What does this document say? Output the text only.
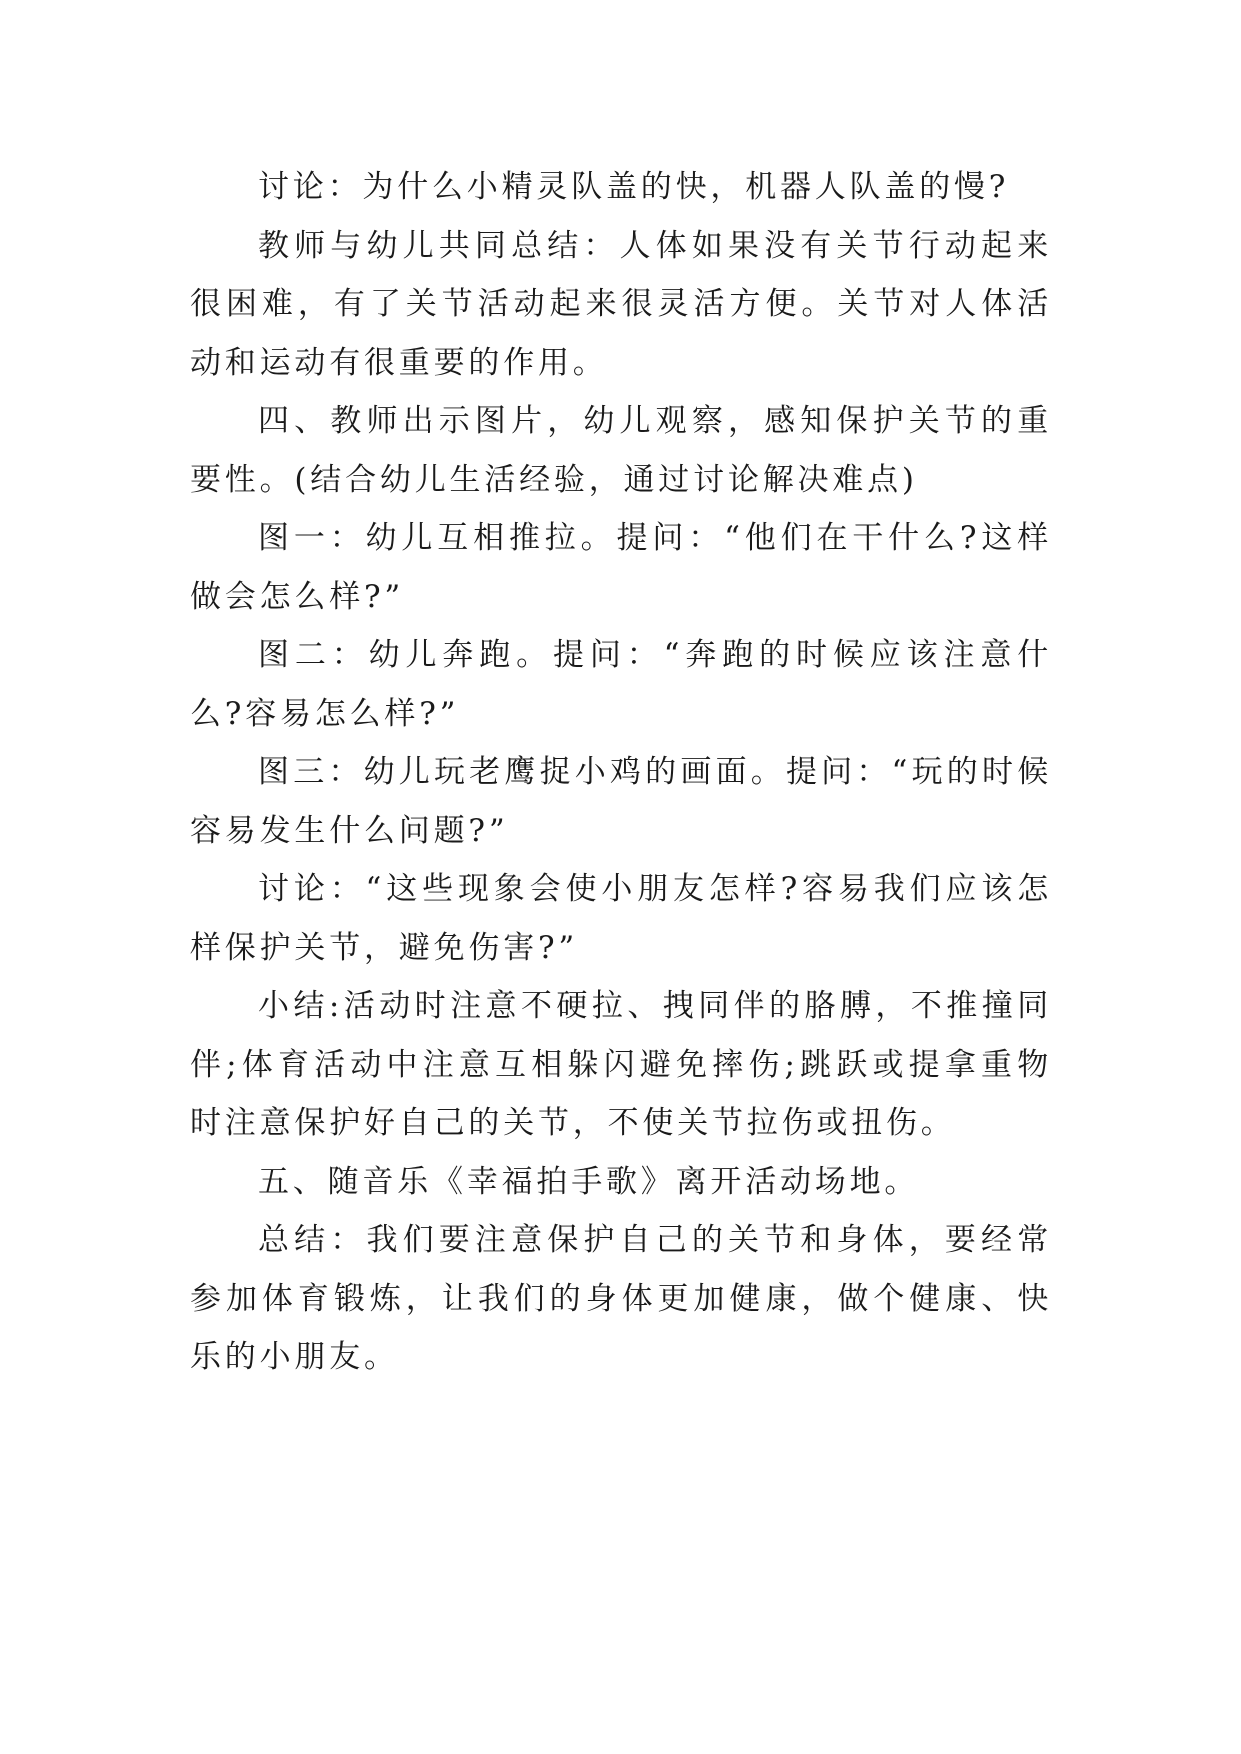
讨论：为什么小精灵队盖的快，机器人队盖的慢?

教师与幼儿共同总结：人体如果没有关节行动起来很困难，有了关节活动起来很灵活方便。关节对人体活动和运动有很重要的作用。

四、教师出示图片，幼儿观察，感知保护关节的重要性。(结合幼儿生活经验，通过讨论解决难点)

图一：幼儿互相推拉。提问：“他们在干什么?这样做会怎么样?”

图二：幼儿奔跑。提问：“奔跑的时候应该注意什么?容易怎么样?”

图三：幼儿玩老鹰捉小鸡的画面。提问：“玩的时候容易发生什么问题?”

讨论：“这些现象会使小朋友怎样?容易我们应该怎样保护关节，避免伤害?”

小结:活动时注意不硬拉、拽同伴的胳膊，不推撞同伴;体育活动中注意互相躲闪避免摔伤;跳跃或提拿重物时注意保护好自己的关节，不使关节拉伤或扭伤。

五、随音乐《幸福拍手歌》离开活动场地。

总结：我们要注意保护自己的关节和身体，要经常参加体育锻炼，让我们的身体更加健康，做个健康、快乐的小朋友。
